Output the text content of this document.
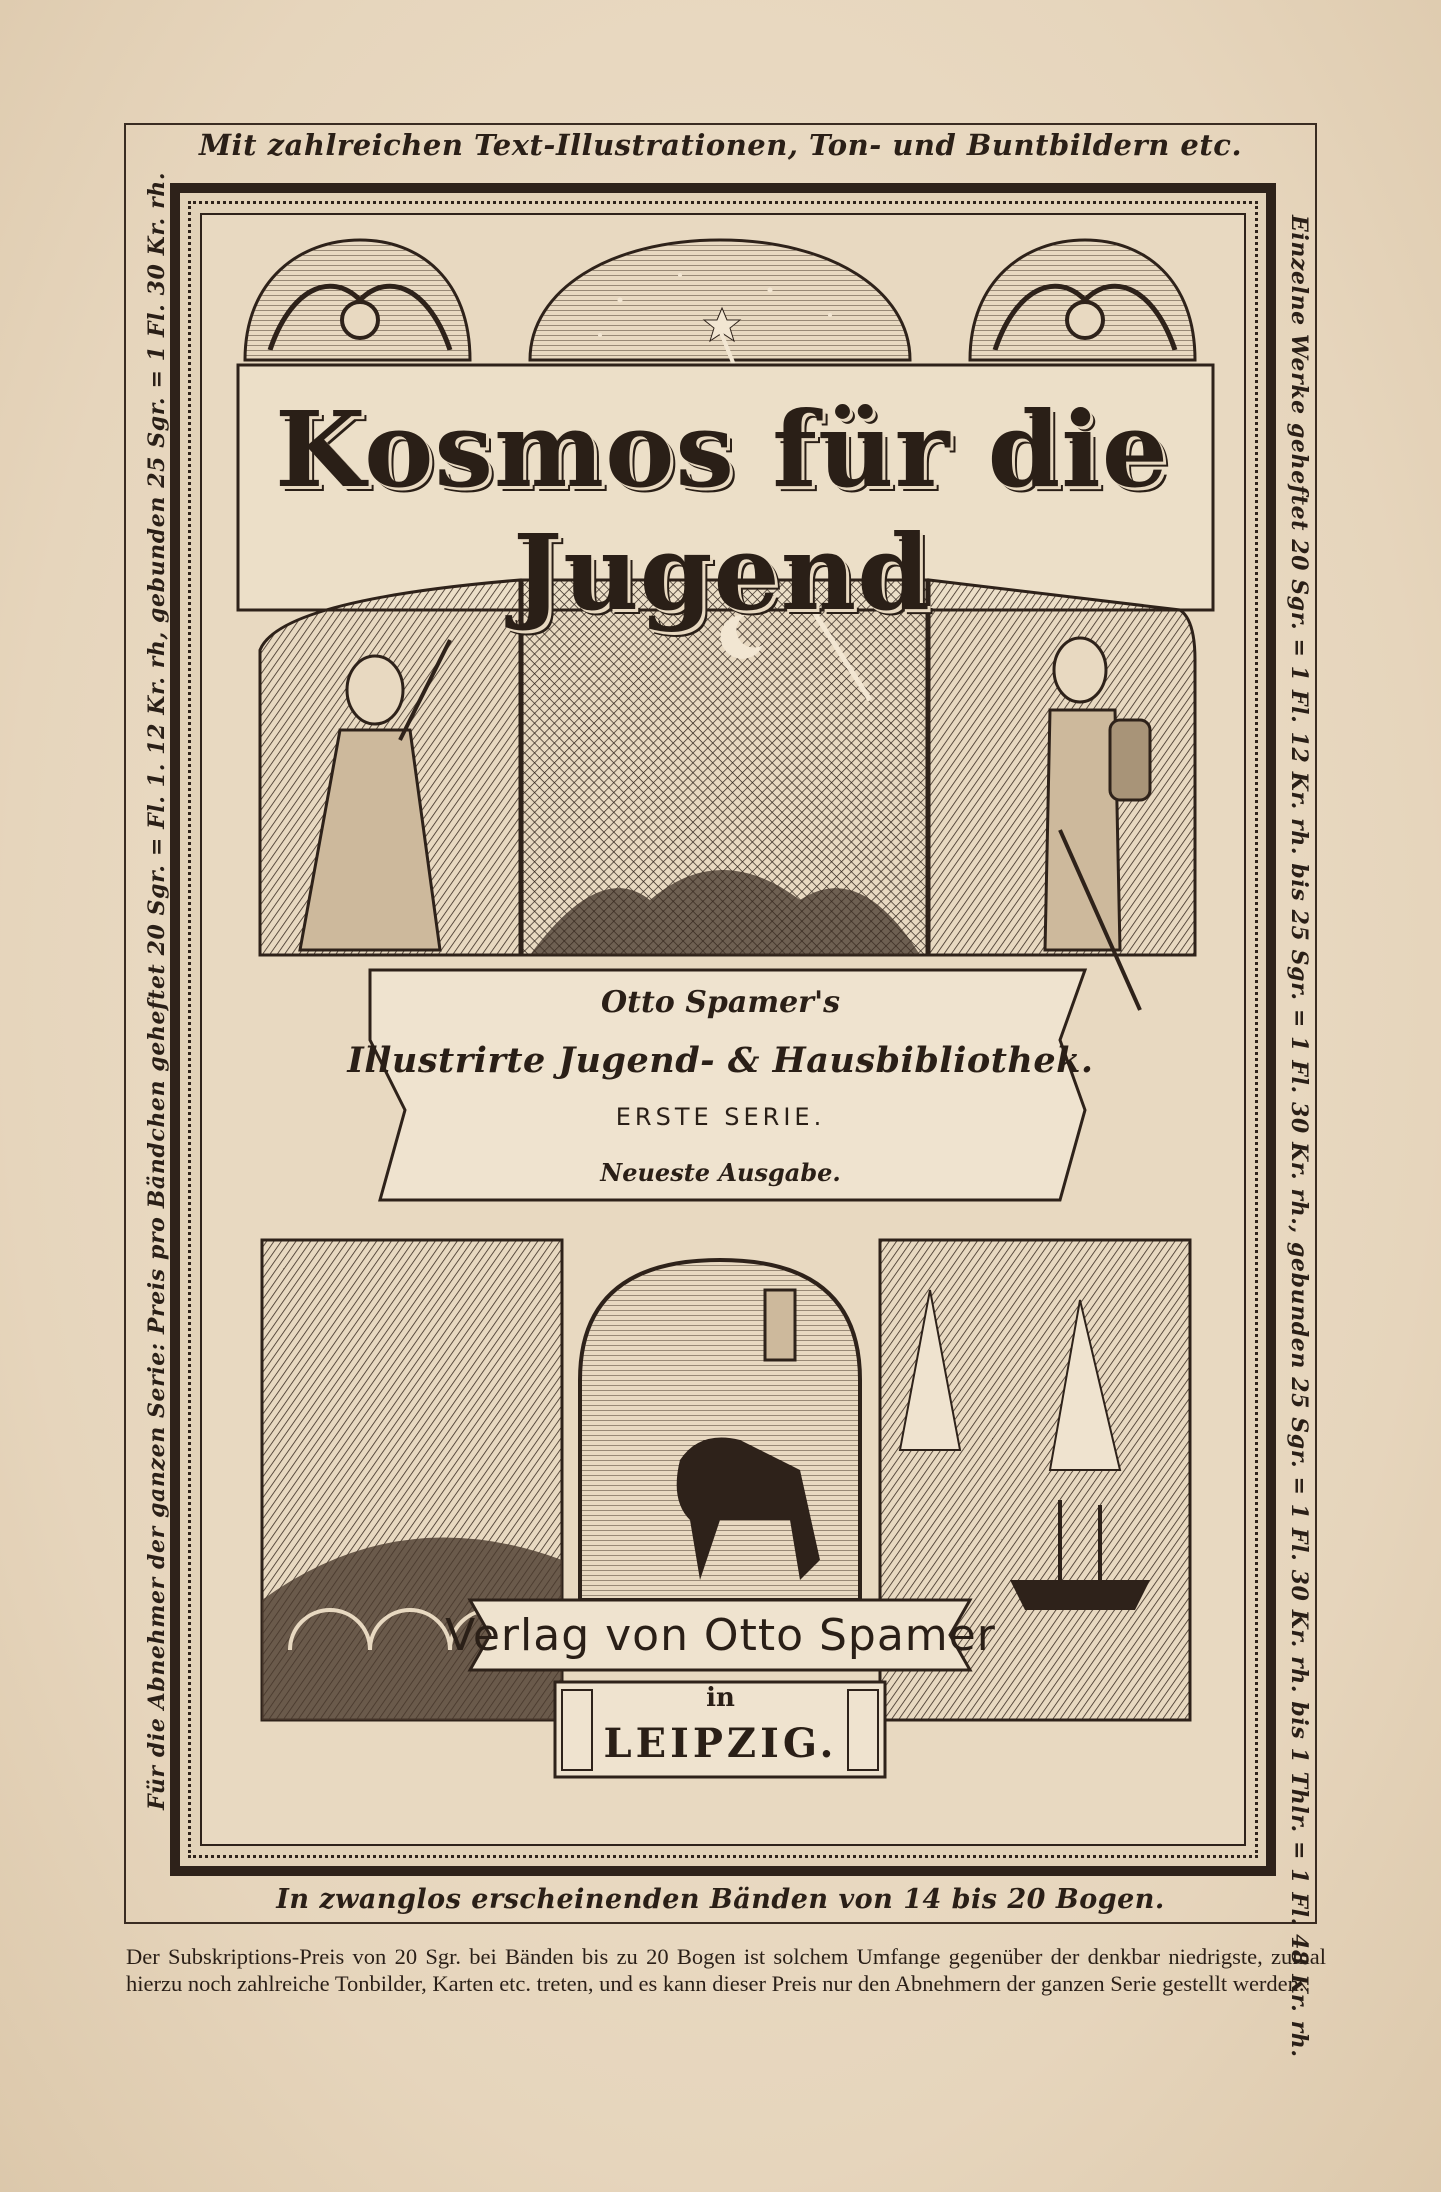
Mit zahlreichen Text-Illustrationen, Ton- und Buntbildern etc.
Für die Abnehmer der ganzen Serie: Preis pro Bändchen geheftet 20 Sgr. = Fl. 1. 12 Kr. rh, gebunden 25 Sgr. = 1 Fl. 30 Kr. rh.	Einzelne Werke geheftet 20 Sgr. = 1 Fl. 12 Kr. rh. bis 25 Sgr. = 1 Fl. 30 Kr. rh., gebunden 25 Sgr. = 1 Fl. 30 Kr. rh. bis 1 Thlr. = 1 Fl. 48 Kr. rh.
Kosmos für die Jugend
Otto Spamer's
Illustrirte Jugend- & Hausbibliothek.
ERSTE SERIE.
Neueste Ausgabe.
Verlag von Otto Spamer
in
LEIPZIG.
In zwanglos erscheinenden Bänden von 14 bis 20 Bogen.
Der Subskriptions-Preis von 20 Sgr. bei Bänden bis zu 20 Bogen ist solchem Umfange gegenüber der denkbar niedrigste, zumal hierzu noch zahlreiche Tonbilder, Karten etc. treten, und es kann dieser Preis nur den Abnehmern der ganzen Serie gestellt werden.
